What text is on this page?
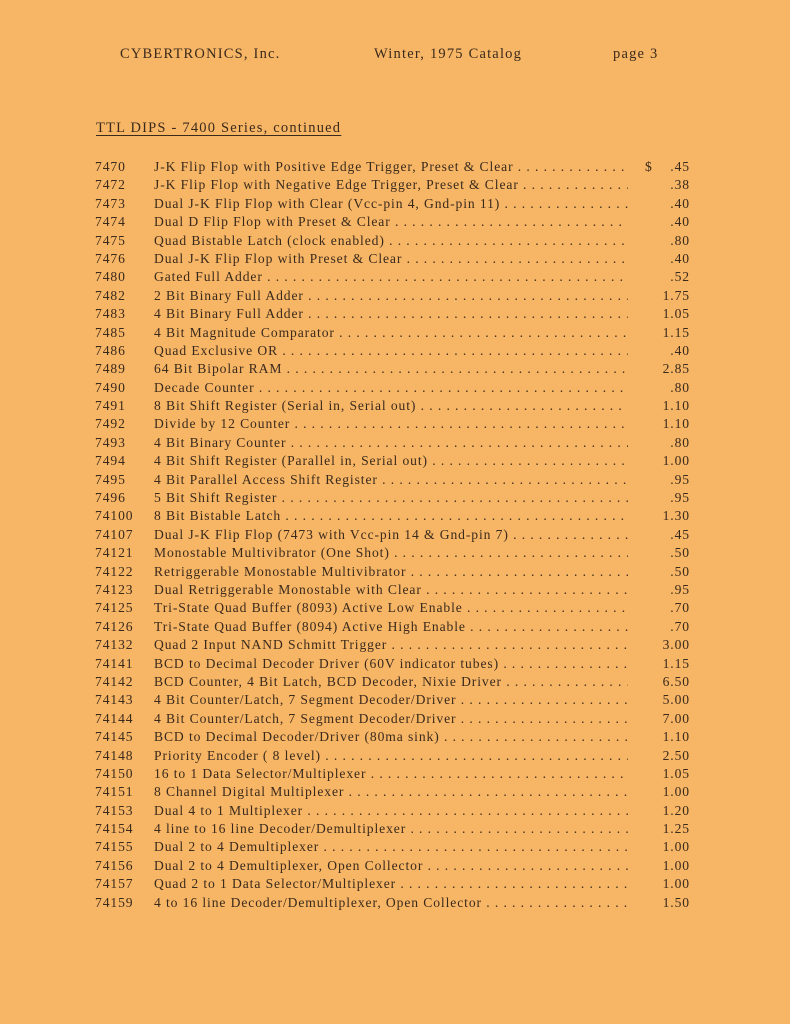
CYBERTRONICS, Inc.	Winter, 1975 Catalog	page 3
TTL DIPS - 7400 Series, continued
7470 J-K Flip Flop with Positive Edge Trigger, Preset & Clear . . .	$ .45
7472 J-K Flip Flop with Negative Edge Trigger, Preset & Clear . . .	.38
7473 Dual J-K Flip Flop with Clear (Vcc-pin 4, Gnd-pin 11) . . .	.40
7474 Dual D Flip Flop with Preset & Clear . . .	.40
7475 Quad Bistable Latch (clock enabled) . . .	.80
7476 Dual J-K Flip Flop with Preset & Clear . . .	.40
7480 Gated Full Adder . . .	.52
7482 2 Bit Binary Full Adder . . .	1.75
7483 4 Bit Binary Full Adder . . .	1.05
7485 4 Bit Magnitude Comparator . . .	1.15
7486 Quad Exclusive OR . . .	.40
7489 64 Bit Bipolar RAM . . .	2.85
7490 Decade Counter . . .	.80
7491 8 Bit Shift Register (Serial in, Serial out) . . .	1.10
7492 Divide by 12 Counter . . .	1.10
7493 4 Bit Binary Counter . . .	.80
7494 4 Bit Shift Register (Parallel in, Serial out) . . .	1.00
7495 4 Bit Parallel Access Shift Register . . .	.95
7496 5 Bit Shift Register . . .	.95
74100 8 Bit Bistable Latch . . .	1.30
74107 Dual J-K Flip Flop (7473 with Vcc-pin 14 & Gnd-pin 7) . . .	.45
74121 Monostable Multivibrator (One Shot) . . .	.50
74122 Retriggerable Monostable Multivibrator . . .	.50
74123 Dual Retriggerable Monostable with Clear . . .	.95
74125 Tri-State Quad Buffer (8093) Active Low Enable . . .	.70
74126 Tri-State Quad Buffer (8094) Active High Enable . . .	.70
74132 Quad 2 Input NAND Schmitt Trigger . . .	3.00
74141 BCD to Decimal Decoder Driver (60V indicator tubes) . . .	1.15
74142 BCD Counter, 4 Bit Latch, BCD Decoder, Nixie Driver . . .	6.50
74143 4 Bit Counter/Latch, 7 Segment Decoder/Driver . . .	5.00
74144 4 Bit Counter/Latch, 7 Segment Decoder/Driver . . .	7.00
74145 BCD to Decimal Decoder/Driver (80ma sink) . . .	1.10
74148 Priority Encoder ( 8 level) . . .	2.50
74150 16 to 1 Data Selector/Multiplexer . . .	1.05
74151 8 Channel Digital Multiplexer . . .	1.00
74153 Dual 4 to 1 Multiplexer . . .	1.20
74154 4 line to 16 line Decoder/Demultiplexer . . .	1.25
74155 Dual 2 to 4 Demultiplexer . . .	1.00
74156 Dual 2 to 4 Demultiplexer, Open Collector . . .	1.00
74157 Quad 2 to 1 Data Selector/Multiplexer . . .	1.00
74159 4 to 16 line Decoder/Demultiplexer, Open Collector . . .	1.50
